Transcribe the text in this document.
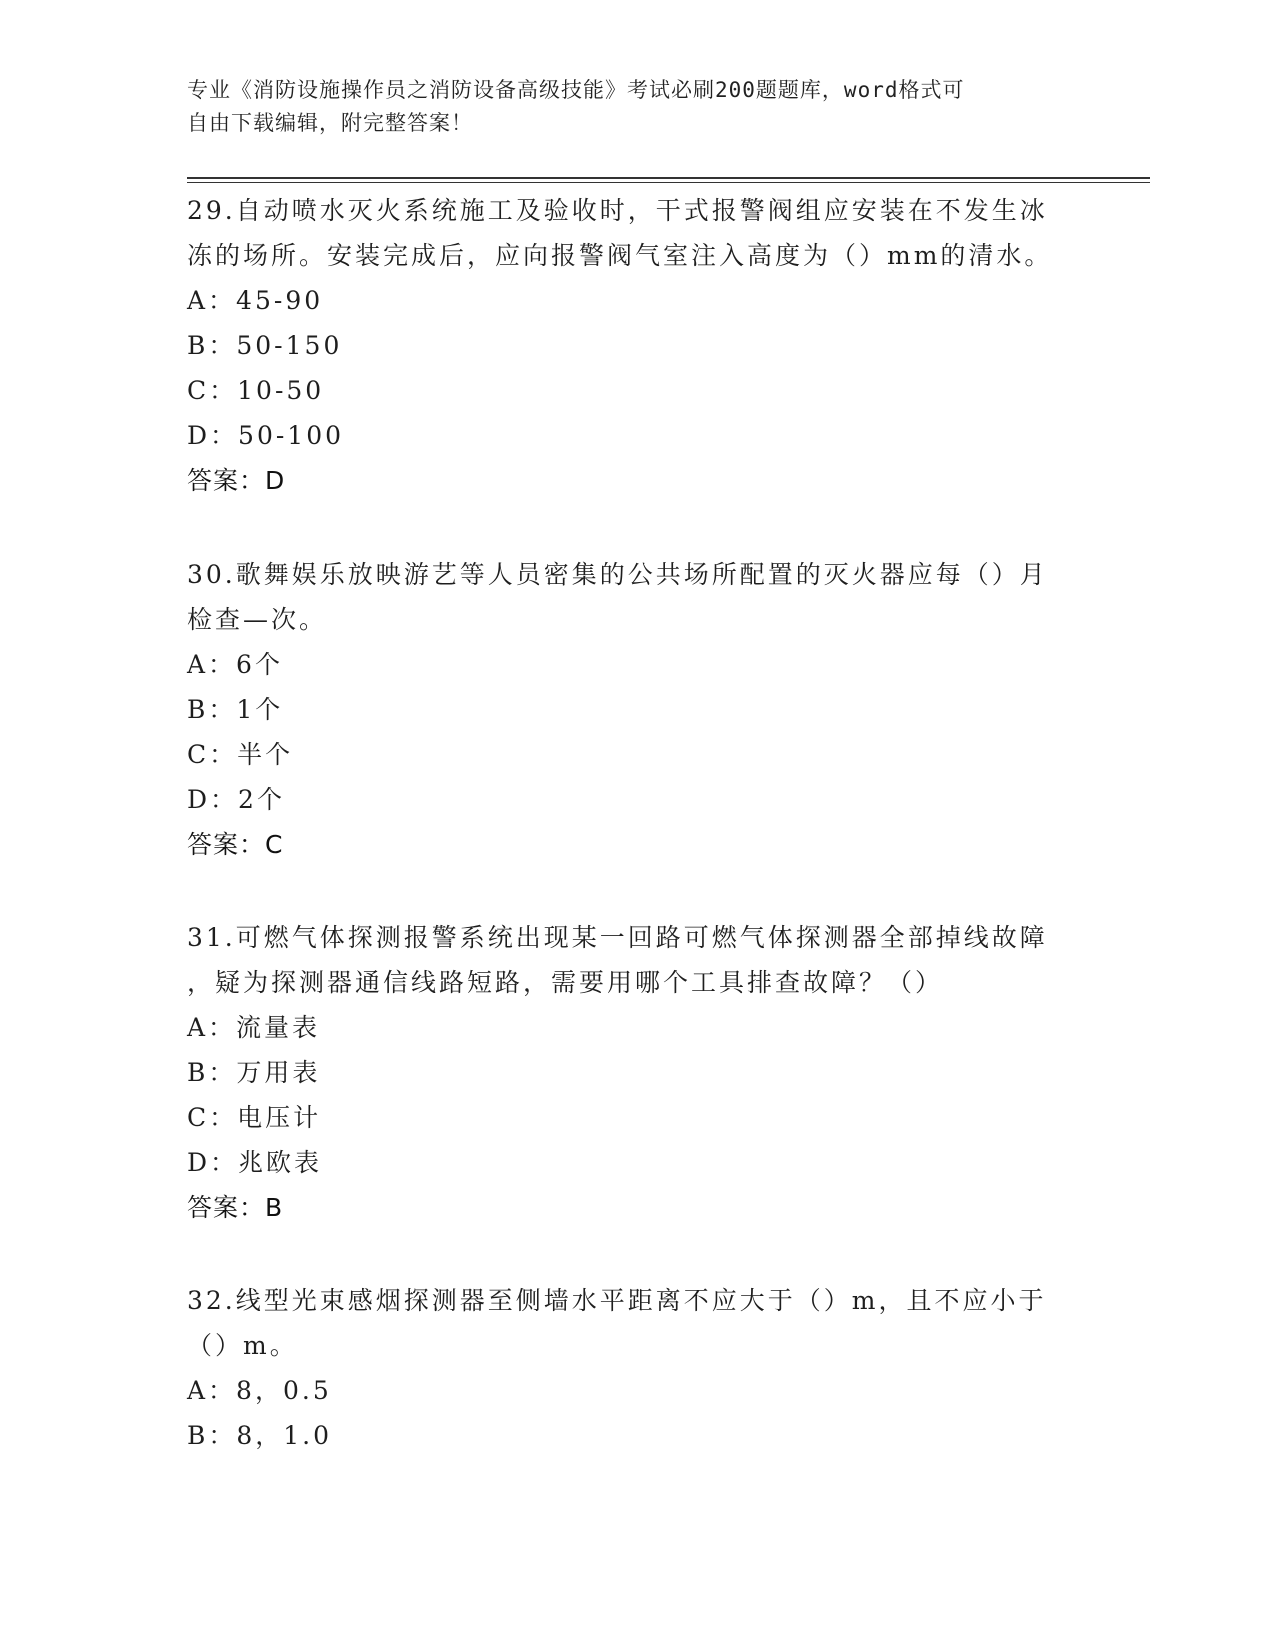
专业《消防设施操作员之消防设备高级技能》考试必刷200题题库，word格式可
自由下载编辑，附完整答案！
29.自动喷水灭火系统施工及验收时，干式报警阀组应安装在不发生冰
冻的场所。安装完成后，应向报警阀气室注入高度为（）mm的清水。
A：45-90
B：50-150
C：10-50
D：50-100
答案：D
30.歌舞娱乐放映游艺等人员密集的公共场所配置的灭火器应每（）月
检查—次。
A：6个
B：1个
C：半个
D：2个
答案：C
31.可燃气体探测报警系统出现某一回路可燃气体探测器全部掉线故障
，疑为探测器通信线路短路，需要用哪个工具排查故障？（）
A：流量表
B：万用表
C：电压计
D：兆欧表
答案：B
32.线型光束感烟探测器至侧墙水平距离不应大于（）m，且不应小于
（）m。
A：8，0.5
B：8，1.0
